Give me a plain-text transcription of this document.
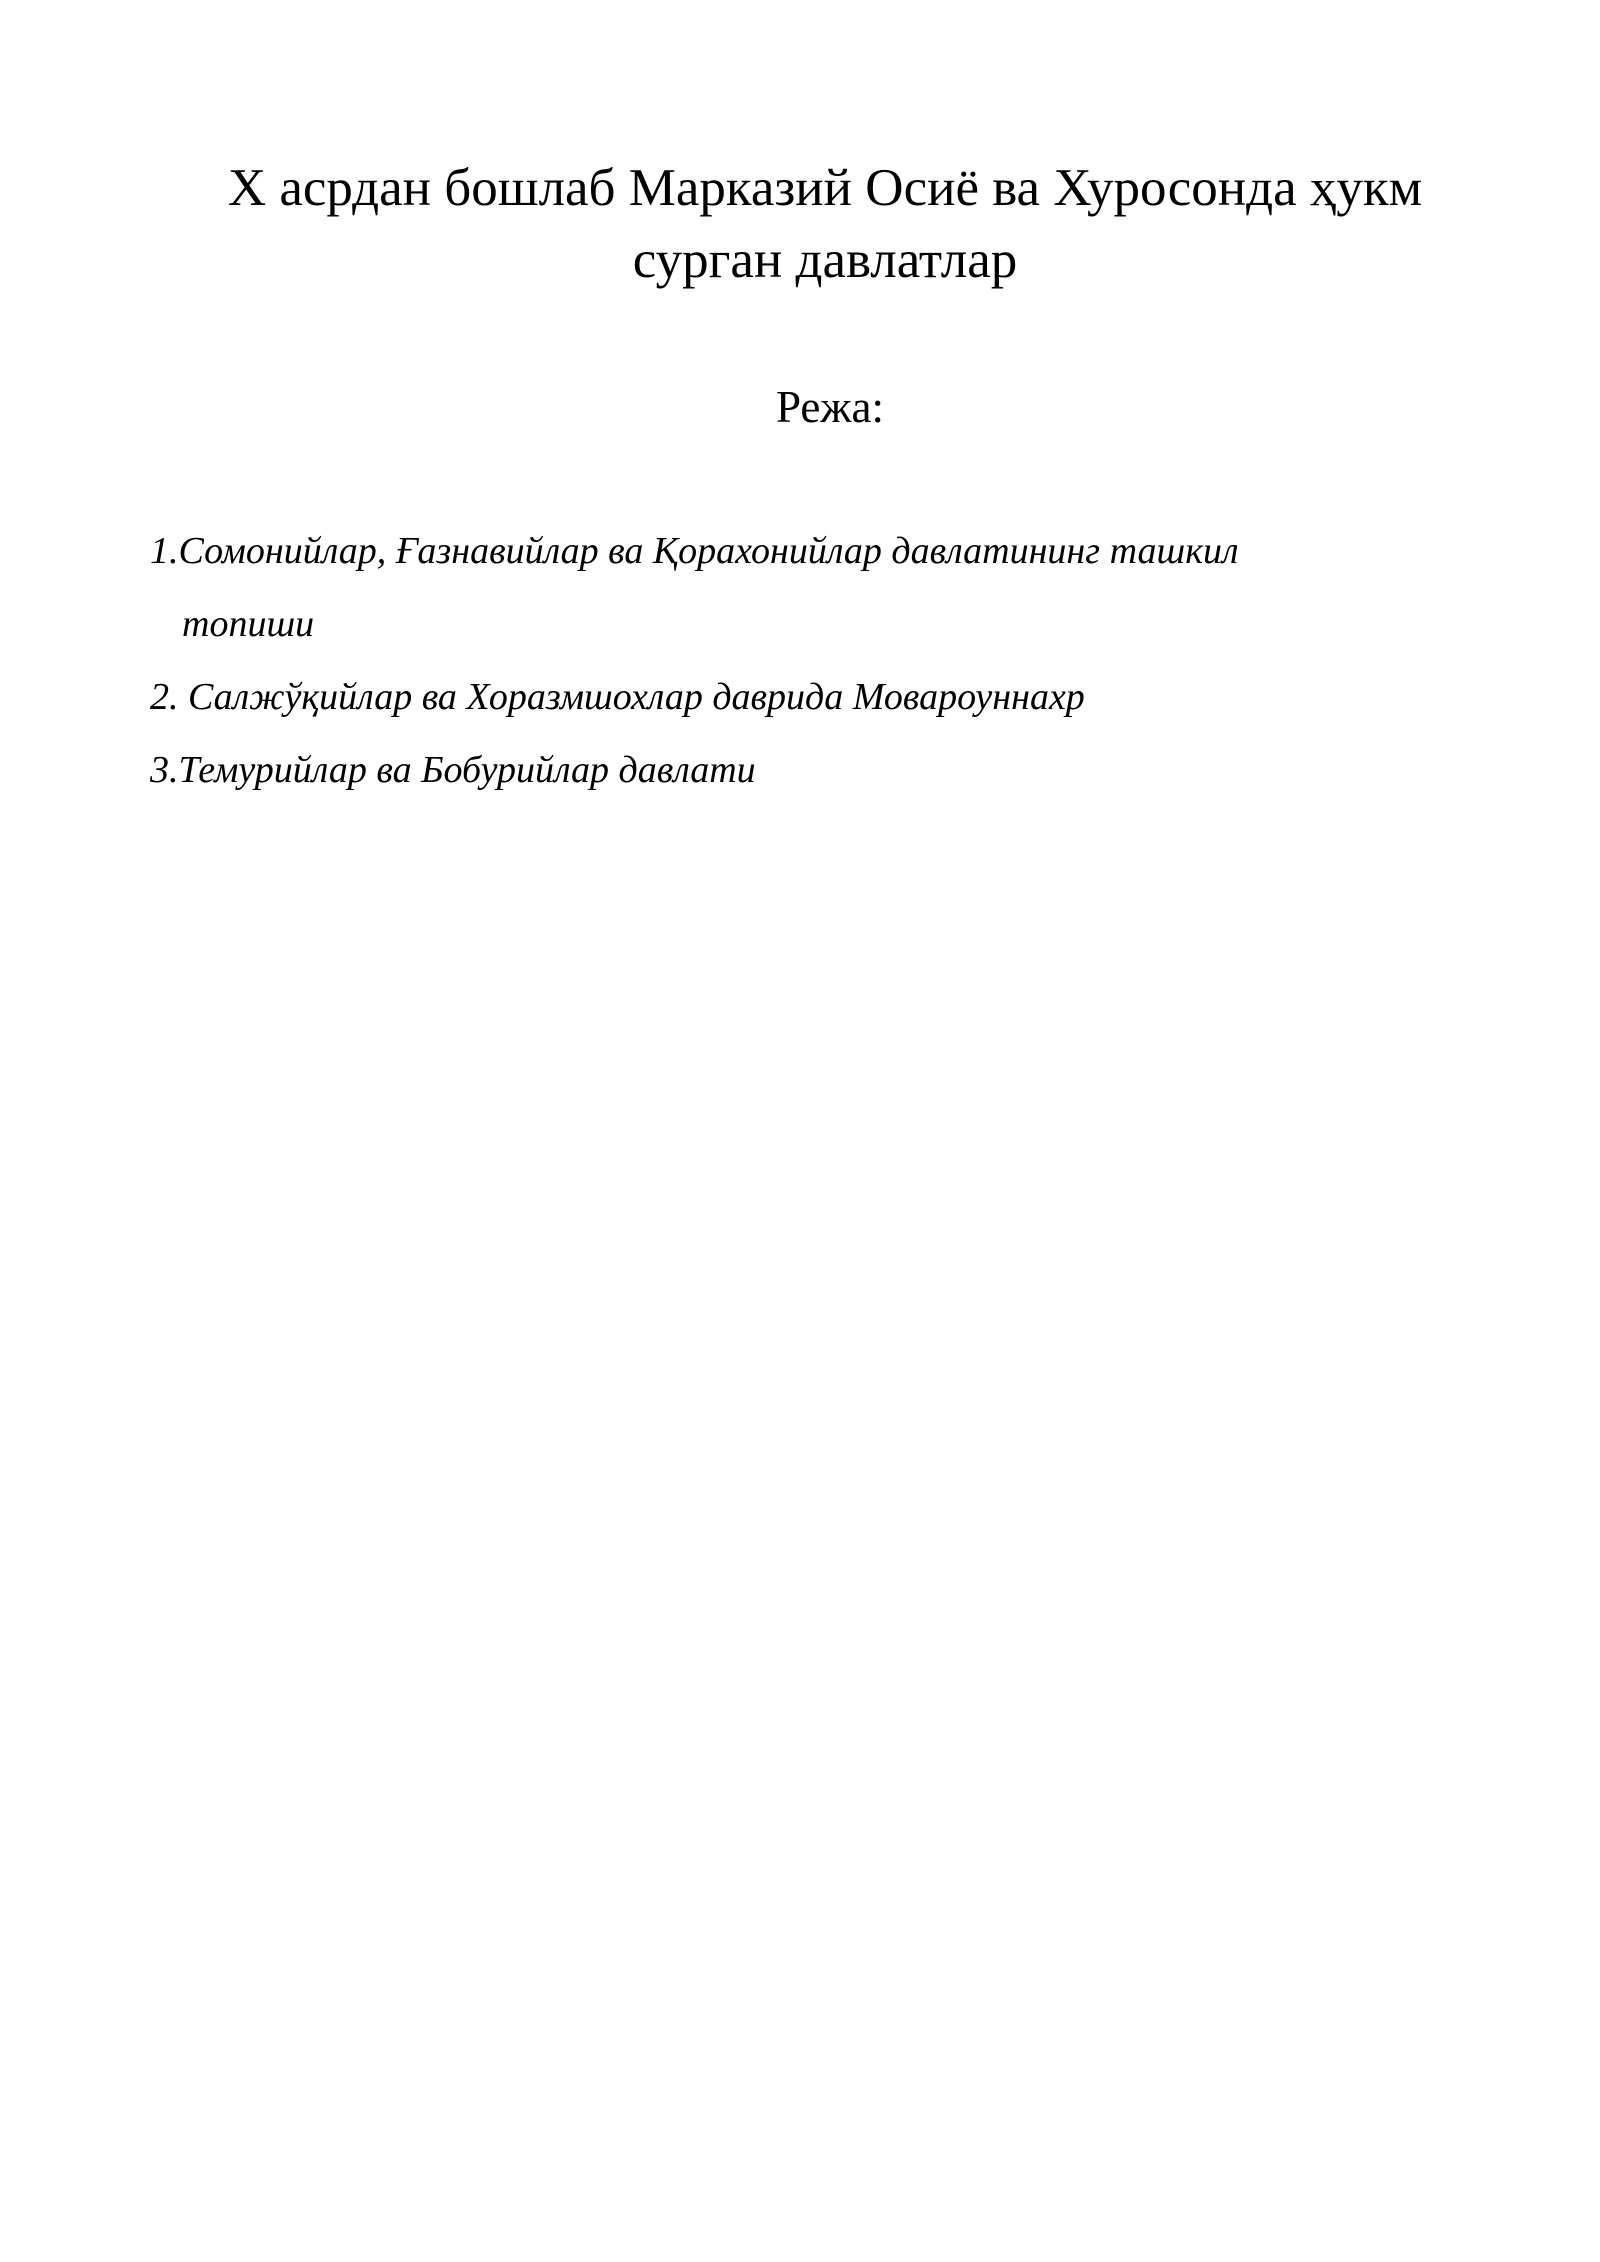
X асрдан бошлаб Марказий Осиё ва Хуросонда ҳукм
сурган давлатлар

Режа:

1.Сомонийлар, Ғазнавийлар ва Қорахонийлар давлатининг ташкил
топиши
2. Салжўқийлар ва Хоразмшохлар даврида Мовароуннахр
3.Темурийлар ва Бобурийлар давлати
